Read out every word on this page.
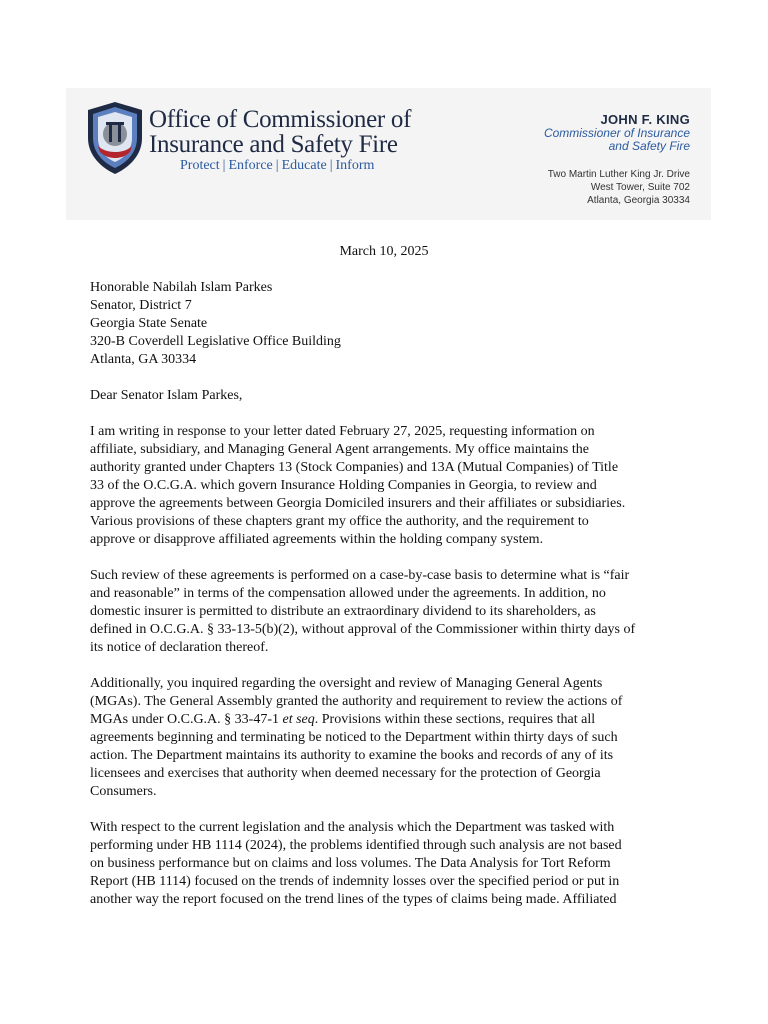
Office of Commissioner of
Insurance and Safety Fire
Protect | Enforce | Educate | Inform
JOHN F. KING
Commissioner of Insurance
and Safety Fire
Two Martin Luther King Jr. Drive
West Tower, Suite 702
Atlanta, Georgia 30334
March 10, 2025
Honorable Nabilah Islam Parkes
Senator, District 7
Georgia State Senate
320-B Coverdell Legislative Office Building
Atlanta, GA 30334
Dear Senator Islam Parkes,
I am writing in response to your letter dated February 27, 2025, requesting information on
affiliate, subsidiary, and Managing General Agent arrangements. My office maintains the
authority granted under Chapters 13 (Stock Companies) and 13A (Mutual Companies) of Title
33 of the O.C.G.A. which govern Insurance Holding Companies in Georgia, to review and
approve the agreements between Georgia Domiciled insurers and their affiliates or subsidiaries.
Various provisions of these chapters grant my office the authority, and the requirement to
approve or disapprove affiliated agreements within the holding company system.
Such review of these agreements is performed on a case-by-case basis to determine what is “fair
and reasonable” in terms of the compensation allowed under the agreements. In addition, no
domestic insurer is permitted to distribute an extraordinary dividend to its shareholders, as
defined in O.C.G.A. § 33-13-5(b)(2), without approval of the Commissioner within thirty days of
its notice of declaration thereof.
Additionally, you inquired regarding the oversight and review of Managing General Agents
(MGAs). The General Assembly granted the authority and requirement to review the actions of
MGAs under O.C.G.A. § 33-47-1 et seq. Provisions within these sections, requires that all
agreements beginning and terminating be noticed to the Department within thirty days of such
action. The Department maintains its authority to examine the books and records of any of its
licensees and exercises that authority when deemed necessary for the protection of Georgia
Consumers.
With respect to the current legislation and the analysis which the Department was tasked with
performing under HB 1114 (2024), the problems identified through such analysis are not based
on business performance but on claims and loss volumes. The Data Analysis for Tort Reform
Report (HB 1114) focused on the trends of indemnity losses over the specified period or put in
another way the report focused on the trend lines of the types of claims being made. Affiliated
